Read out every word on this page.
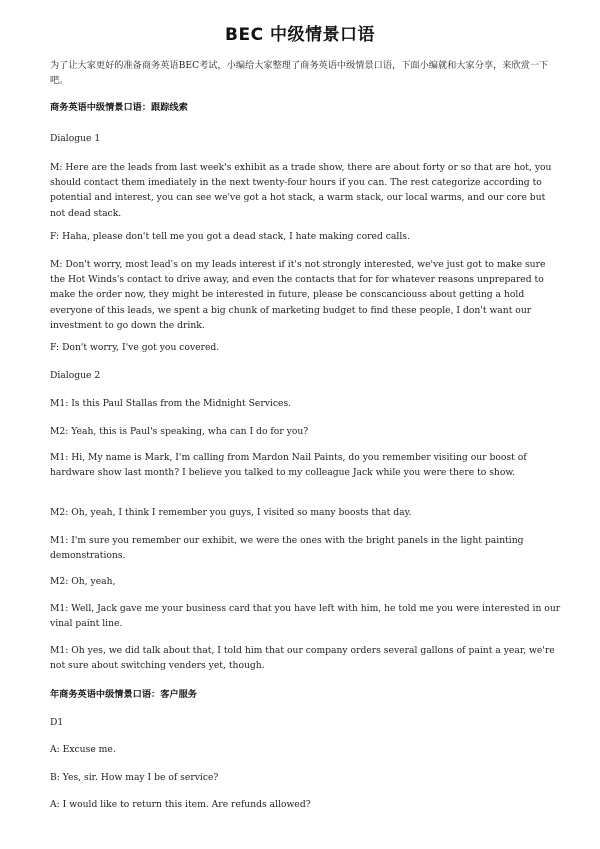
BEC 中级情景口语
为了让大家更好的准备商务英语BEC考试，小编给大家整理了商务英语中级情景口语，下面小编就和大家分享，来欣赏一下吧。
商务英语中级情景口语：跟踪线索
Dialogue 1
M: Here are the leads from last week's exhibit as a trade show, there are about forty or so that are hot, you should contact them imediately in the next twenty-four hours if you can. The rest categorize according to potential and interest, you can see we've got a hot stack, a warm stack, our local warms, and our core but not dead stack.
F: Haha, please don't tell me you got a dead stack, I hate making cored calls.
M: Don't worry, most lead's on my leads interest if it's not strongly interested, we've just got to make sure the Hot Winds's contact to drive away, and even the contacts that for for whatever reasons unprepared to make the order now, they might be interested in future, please be conscanciouss about getting a hold everyone of this leads, we spent a big chunk of marketing budget to find these people, I don't want our investment to go down the drink.
F: Don't worry, I've got you covered.
Dialogue 2
M1: Is this Paul Stallas from the Midnight Services.
M2: Yeah, this is Paul's speaking, wha can I do for you?
M1: Hi, My name is Mark, I'm calling from Mardon Nail Paints, do you remember visiting our boost of hardware show last month? I believe you talked to my colleague Jack while you were there to show.
M2: Oh, yeah, I think I remember you guys, I visited so many boosts that day.
M1: I'm sure you remember our exhibit, we were the ones with the bright panels in the light painting demonstrations.
M2: Oh, yeah,
M1: Well, Jack gave me your business card that you have left with him, he told me you were interested in our vinal paint line.
M1: Oh yes, we did talk about that, I told him that our company orders several gallons of paint a year, we're not sure about switching venders yet, though.
年商务英语中级情景口语：客户服务
D1
A: Excuse me.
B: Yes, sir. How may I be of service?
A: I would like to return this item. Are refunds allowed?
